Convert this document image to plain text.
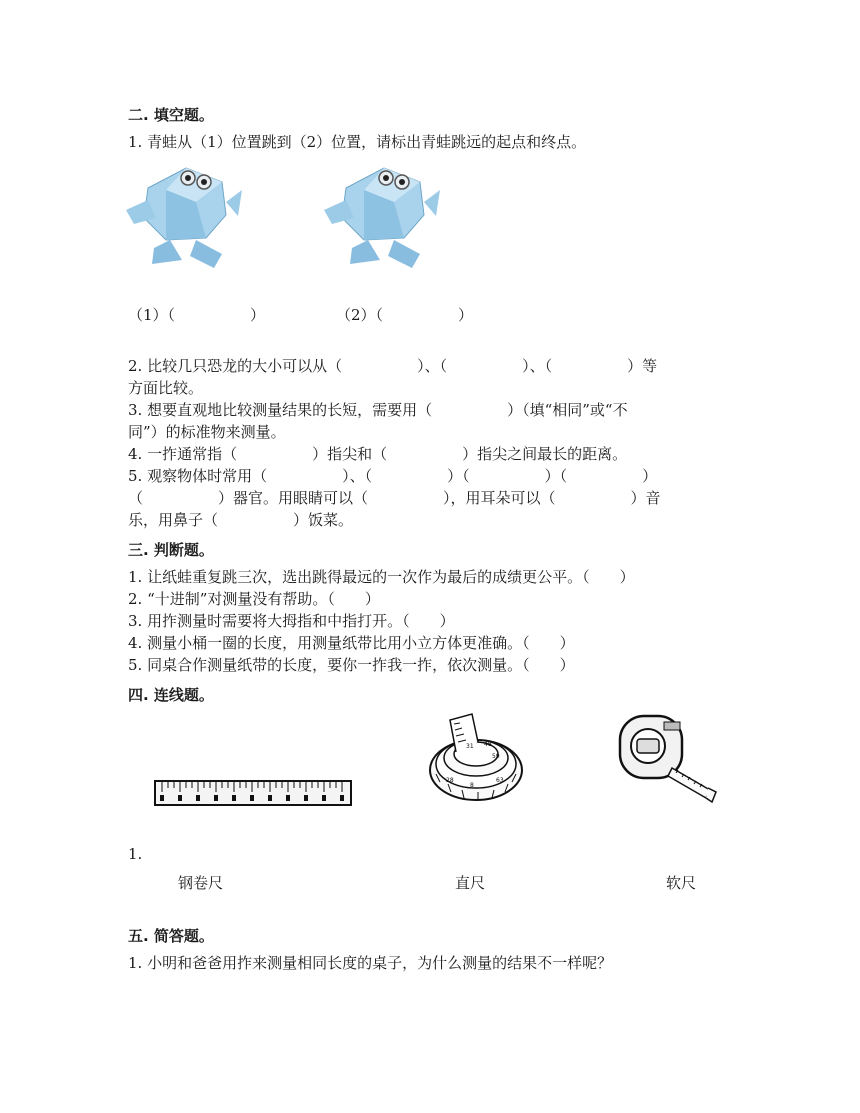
二. 填空题。
1. 青蛙从（1）位置跳到（2）位置，请标出青蛙跳远的起点和终点。
（1）（　　　　　）	（2）（　　　　　）
2. 比较几只恐龙的大小可以从（　　　　　）、（　　　　　）、（　　　　　）等
方面比较。
3. 想要直观地比较测量结果的长短，需要用（　　　　　）（填“相同”或“不
同”）的标准物来测量。
4. 一拃通常指（　　　　　）指尖和（　　　　　）指尖之间最长的距离。
5. 观察物体时常用（　　　　　）、（　　　　　）（　　　　　）（　　　　　）
（　　　　　）器官。用眼睛可以（　　　　　），用耳朵可以（　　　　　）音
乐，用鼻子（　　　　　）饭菜。
三. 判断题。
1. 让纸蛙重复跳三次，选出跳得最远的一次作为最后的成绩更公平。（　　）
2. “十进制”对测量没有帮助。（　　）
3. 用拃测量时需要将大拇指和中指打开。（　　）
4. 测量小桶一圈的长度，用测量纸带比用小立方体更准确。（　　）
5. 同桌合作测量纸带的长度，要你一拃我一拃，依次测量。（　　）
四. 连线题。
31 48
59
28
8
63
1.
钢卷尺	直尺	软尺
五. 简答题。
1. 小明和爸爸用拃来测量相同长度的桌子，为什么测量的结果不一样呢？
